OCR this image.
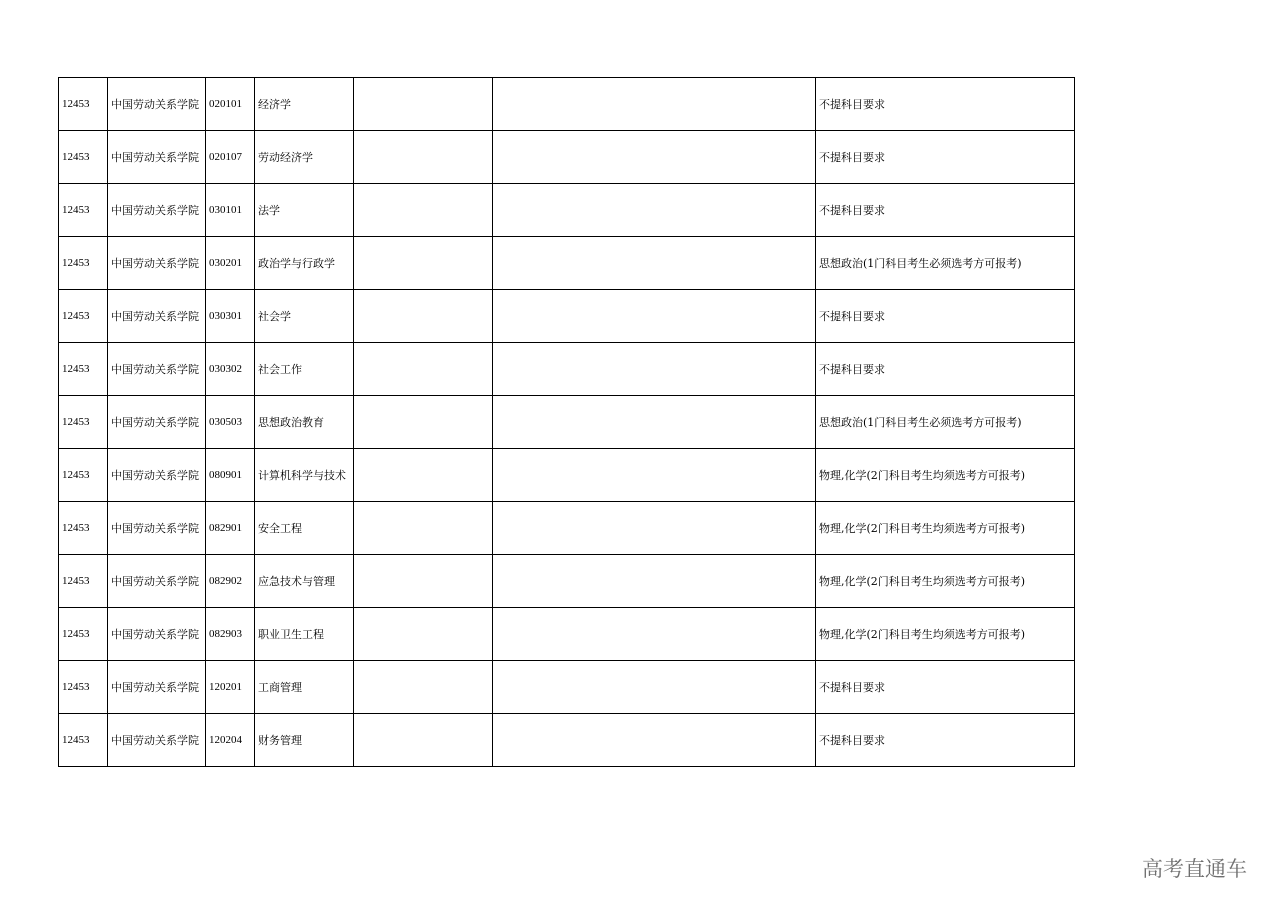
12453	中国劳动关系学院	020101	经济学			不提科目要求
12453	中国劳动关系学院	020107	劳动经济学			不提科目要求
12453	中国劳动关系学院	030101	法学			不提科目要求
12453	中国劳动关系学院	030201	政治学与行政学			思想政治(1门科目考生必须选考方可报考)
12453	中国劳动关系学院	030301	社会学			不提科目要求
12453	中国劳动关系学院	030302	社会工作			不提科目要求
12453	中国劳动关系学院	030503	思想政治教育			思想政治(1门科目考生必须选考方可报考)
12453	中国劳动关系学院	080901	计算机科学与技术			物理,化学(2门科目考生均须选考方可报考)
12453	中国劳动关系学院	082901	安全工程			物理,化学(2门科目考生均须选考方可报考)
12453	中国劳动关系学院	082902	应急技术与管理			物理,化学(2门科目考生均须选考方可报考)
12453	中国劳动关系学院	082903	职业卫生工程			物理,化学(2门科目考生均须选考方可报考)
12453	中国劳动关系学院	120201	工商管理			不提科目要求
12453	中国劳动关系学院	120204	财务管理			不提科目要求
高考直通车
